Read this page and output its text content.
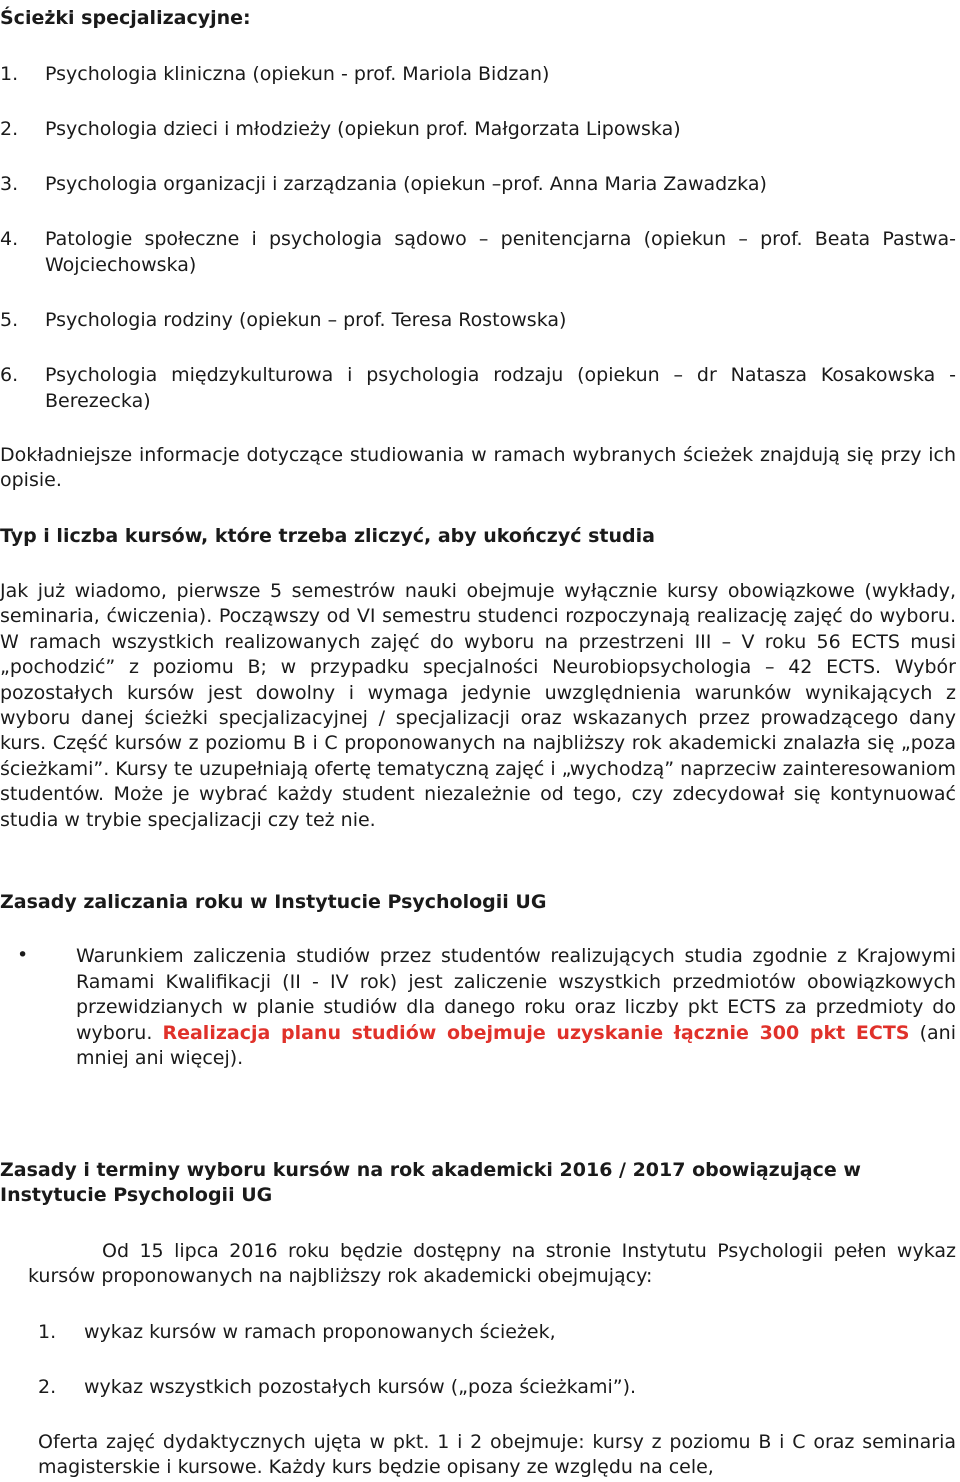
Ścieżki specjalizacyjne:
1. Psychologia kliniczna (opiekun - prof. Mariola Bidzan)
2. Psychologia dzieci i młodzieży (opiekun prof. Małgorzata Lipowska)
3. Psychologia organizacji i zarządzania (opiekun –prof. Anna Maria Zawadzka)
4. Patologie społeczne i psychologia sądowo – penitencjarna (opiekun – prof. Beata Pastwa-Wojciechowska)
5. Psychologia rodziny (opiekun – prof. Teresa Rostowska)
6. Psychologia międzykulturowa i psychologia rodzaju (opiekun – dr Natasza Kosakowska - Berezecka)
Dokładniejsze informacje dotyczące studiowania w ramach wybranych ścieżek znajdują się przy ich opisie.
Typ i liczba kursów, które trzeba zliczyć, aby ukończyć studia
Jak już wiadomo, pierwsze 5 semestrów nauki obejmuje wyłącznie kursy obowiązkowe (wykłady, seminaria, ćwiczenia). Począwszy od VI semestru studenci rozpoczynają realizację zajęć do wyboru. W ramach wszystkich realizowanych zajęć do wyboru na przestrzeni III – V roku 56 ECTS musi „pochodzić” z poziomu B; w przypadku specjalności Neurobiopsychologia – 42 ECTS. Wybór pozostałych kursów jest dowolny i wymaga jedynie uwzględnienia warunków wynikających z wyboru danej ścieżki specjalizacyjnej / specjalizacji oraz wskazanych przez prowadzącego dany kurs. Część kursów z poziomu B i C proponowanych na najbliższy rok akademicki znalazła się „poza ścieżkami”. Kursy te uzupełniają ofertę tematyczną zajęć i „wychodzą” naprzeciw zainteresowaniom studentów. Może je wybrać każdy student niezależnie od tego, czy zdecydował się kontynuować studia w trybie specjalizacji czy też nie.
Zasady zaliczania roku w Instytucie Psychologii UG
•	Warunkiem zaliczenia studiów przez studentów realizujących studia zgodnie z Krajowymi Ramami Kwalifikacji (II - IV rok) jest zaliczenie wszystkich przedmiotów obowiązkowych przewidzianych w planie studiów dla danego roku oraz liczby pkt ECTS za przedmioty do wyboru. Realizacja planu studiów obejmuje uzyskanie łącznie 300 pkt ECTS (ani mniej ani więcej).
Zasady i terminy wyboru kursów na rok akademicki 2016 / 2017 obowiązujące w Instytucie Psychologii UG
Od 15 lipca 2016 roku będzie dostępny na stronie Instytutu Psychologii pełen wykaz kursów proponowanych na najbliższy rok akademicki obejmujący:
1. wykaz kursów w ramach proponowanych ścieżek,
2. wykaz wszystkich pozostałych kursów („poza ścieżkami”).
Oferta zajęć dydaktycznych ujęta w pkt. 1 i 2 obejmuje: kursy z poziomu B i C oraz seminaria magisterskie i kursowe. Każdy kurs będzie opisany ze względu na cele,
